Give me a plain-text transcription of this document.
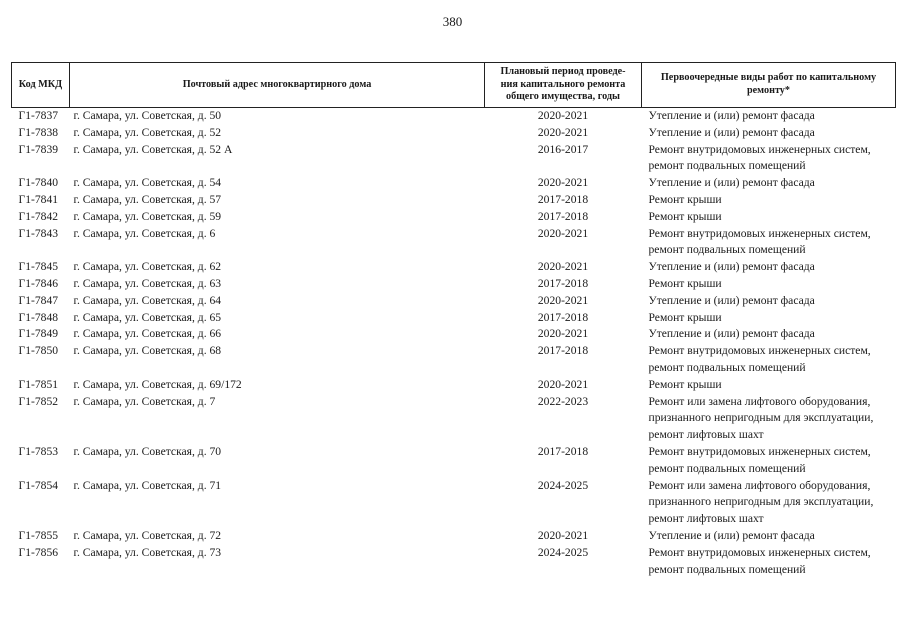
380
Код МКД	Почтовый адрес многоквартирного дома	Плановый период проведе-
ния капитального ремонта
общего имущества, годы	Первоочередные виды работ по капитальному
ремонту*

Г1-7837	г. Самара, ул. Советская, д. 50	2020-2021	Утепление и (или) ремонт фасада

Г1-7838	г. Самара, ул. Советская, д. 52	2020-2021	Утепление и (или) ремонт фасада

Г1-7839	г. Самара, ул. Советская, д. 52 А	2016-2017	Ремонт внутридомовых инженерных систем,
ремонт подвальных помещений

Г1-7840	г. Самара, ул. Советская, д. 54	2020-2021	Утепление и (или) ремонт фасада

Г1-7841	г. Самара, ул. Советская, д. 57	2017-2018	Ремонт крыши

Г1-7842	г. Самара, ул. Советская, д. 59	2017-2018	Ремонт крыши

Г1-7843	г. Самара, ул. Советская, д. 6	2020-2021	Ремонт внутридомовых инженерных систем,
ремонт подвальных помещений

Г1-7845	г. Самара, ул. Советская, д. 62	2020-2021	Утепление и (или) ремонт фасада

Г1-7846	г. Самара, ул. Советская, д. 63	2017-2018	Ремонт крыши

Г1-7847	г. Самара, ул. Советская, д. 64	2020-2021	Утепление и (или) ремонт фасада

Г1-7848	г. Самара, ул. Советская, д. 65	2017-2018	Ремонт крыши

Г1-7849	г. Самара, ул. Советская, д. 66	2020-2021	Утепление и (или) ремонт фасада

Г1-7850	г. Самара, ул. Советская, д. 68	2017-2018	Ремонт внутридомовых инженерных систем,
ремонт подвальных помещений

Г1-7851	г. Самара, ул. Советская, д. 69/172	2020-2021	Ремонт крыши

Г1-7852	г. Самара, ул. Советская, д. 7	2022-2023	Ремонт или замена лифтового оборудования,
признанного непригодным для эксплуатации,
ремонт лифтовых шахт

Г1-7853	г. Самара, ул. Советская, д. 70	2017-2018	Ремонт внутридомовых инженерных систем,
ремонт подвальных помещений

Г1-7854	г. Самара, ул. Советская, д. 71	2024-2025	Ремонт или замена лифтового оборудования,
признанного непригодным для эксплуатации,
ремонт лифтовых шахт

Г1-7855	г. Самара, ул. Советская, д. 72	2020-2021	Утепление и (или) ремонт фасада

Г1-7856	г. Самара, ул. Советская, д. 73	2024-2025	Ремонт внутридомовых инженерных систем,
ремонт подвальных помещений
